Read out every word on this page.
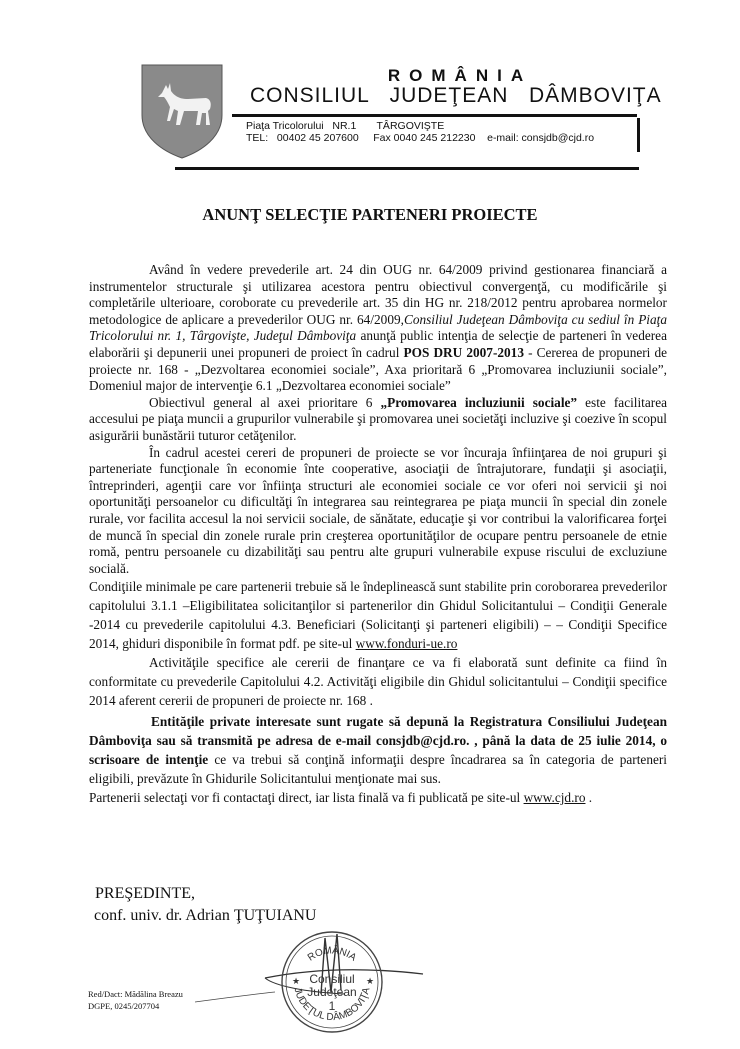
ROMÂNIA
CONSILIUL   JUDEŢEAN   DÂMBOVIŢA
Piaţa Tricolorului   NR.1       TÂRGOVIŞTE
TEL:   00402 45 207600     Fax 0040 245 212230    e-mail: consjdb@cjd.ro
ANUNŢ SELECŢIE PARTENERI PROIECTE

Având în vedere prevederile art. 24 din OUG nr. 64/2009 privind gestionarea financiară a instrumentelor structurale şi utilizarea acestora pentru obiectivul convergenţă, cu modificările şi completările ulterioare, coroborate cu prevederile art. 35 din HG nr. 218/2012 pentru aprobarea normelor metodologice de aplicare a prevederilor OUG nr. 64/2009,Consiliul Judeţean Dâmboviţa cu sediul în Piaţa Tricolorului nr. 1, Târgovişte, Judeţul Dâmboviţa anunţă public intenţia de selecţie de parteneri în vederea elaborării şi depunerii unei propuneri de proiect în cadrul POS DRU 2007-2013 - Cererea de propuneri de proiecte nr. 168 - „Dezvoltarea economiei sociale”, Axa prioritară 6 „Promovarea incluziunii sociale”, Domeniul major de intervenţie 6.1 „Dezvoltarea economiei sociale”

Obiectivul general al axei prioritare 6 „Promovarea incluziunii sociale” este facilitarea accesului pe piaţa muncii a grupurilor vulnerabile şi promovarea unei societăţi incluzive şi coezive în scopul asigurării bunăstării tuturor cetăţenilor.

În cadrul acestei cereri de propuneri de proiecte se vor încuraja înfiinţarea de noi grupuri şi parteneriate funcţionale în economie înte cooperative, asociaţii de întrajutorare, fundaţii şi asociaţii, întreprinderi, agenţii care vor înfiinţa structuri ale economiei sociale ce vor oferi noi servicii şi noi oportunităţi persoanelor cu dificultăţi în integrarea sau reintegrarea pe piaţa muncii în special din zonele rurale, vor facilita accesul la noi servicii sociale, de sănătate, educaţie şi vor contribui la valorificarea forţei de muncă în special din zonele rurale prin creşterea oportunităţilor de ocupare pentru persoanele de etnie romă, pentru persoanele cu dizabilităţi sau pentru alte grupuri vulnerabile expuse riscului de excluziune socială.

Condiţiile minimale pe care partenerii trebuie să le îndeplinească sunt stabilite prin coroborarea prevederilor capitolului 3.1.1 –Eligibilitatea solicitanţilor si partenerilor din Ghidul Solicitantului – Condiţii Generale -2014 cu prevederile capitolului 4.3. Beneficiari (Solicitanţi şi parteneri eligibili) – – Condiţii Specifice 2014, ghiduri disponibile în format pdf. pe site-ul www.fonduri-ue.ro

Activităţile specifice ale cererii de finanţare ce va fi elaborată sunt definite ca fiind în conformitate cu prevederile Capitolului 4.2. Activităţi eligibile din Ghidul solicitantului – Condiţii specifice 2014 aferent cererii de propuneri de proiecte nr. 168 .

Entităţile private interesate sunt rugate să depună la Registratura Consiliului Judeţean Dâmboviţa sau să transmită pe adresa de e-mail consjdb@cjd.ro. , până la data de 25 iulie 2014, o scrisoare de intenţie ce va trebui să conţină informaţii despre încadrarea sa în categoria de parteneri eligibili, prevăzute în Ghidurile Solicitantului menţionate mai sus.

Partenerii selectaţi vor fi contactaţi direct, iar lista finală va fi publicată pe site-ul www.cjd.ro .

PREŞEDINTE,
conf. univ. dr. Adrian ŢUŢUIANU
ROMÂNIA
JUDEŢUL DÂMBOVIŢA
Consiliul
Judeţean
1
★	★
Red/Dact: Mădălina Breazu
DGPE, 0245/207704
